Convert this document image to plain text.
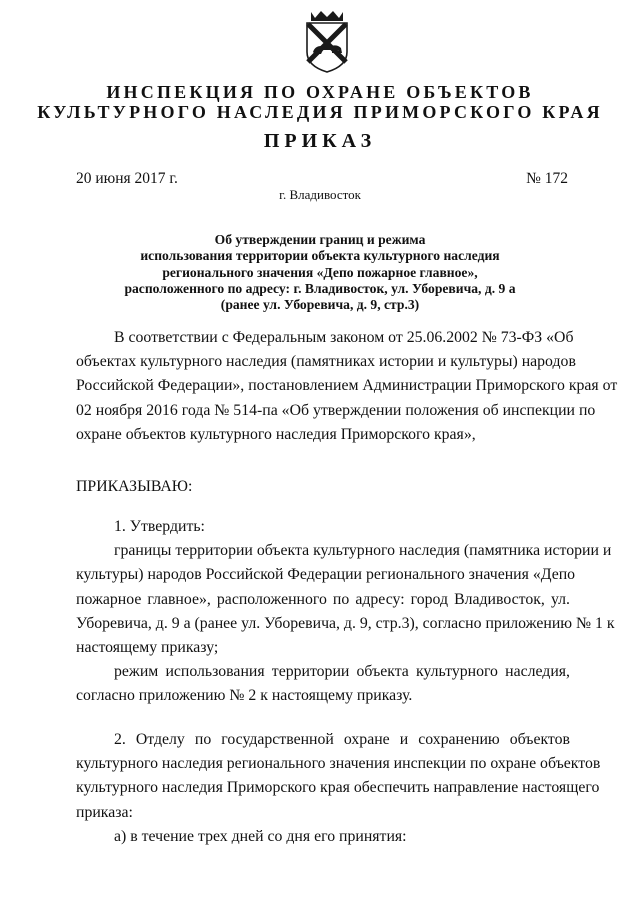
ИНСПЕКЦИЯ ПО ОХРАНЕ ОБЪЕКТОВ
КУЛЬТУРНОГО НАСЛЕДИЯ ПРИМОРСКОГО КРАЯ
ПРИКАЗ
20 июня 2017 г.	№ 172
г. Владивосток
Об утверждении границ и режима
использования территории объекта культурного наследия
регионального значения «Депо пожарное главное»,
расположенного по адресу: г. Владивосток, ул. Уборевича, д. 9 а
(ранее ул. Уборевича, д. 9, стр.3)
В соответствии с Федеральным законом от 25.06.2002 № 73-ФЗ «Об
объектах культурного наследия (памятниках истории и культуры) народов
Российской Федерации», постановлением Администрации Приморского края от
02 ноября 2016 года № 514-па «Об утверждении положения об инспекции по
охране объектов культурного наследия Приморского края»,
ПРИКАЗЫВАЮ:
1. Утвердить:
границы территории объекта культурного наследия (памятника истории и
культуры) народов Российской Федерации регионального значения «Депо
пожарное главное», расположенного по адресу: город Владивосток, ул.
Уборевича, д. 9 а (ранее ул. Уборевича, д. 9, стр.3), согласно приложению № 1 к
настоящему приказу;
режим использования территории объекта культурного наследия,
согласно приложению № 2 к настоящему приказу.
2. Отделу по государственной охране и сохранению объектов
культурного наследия регионального значения инспекции по охране объектов
культурного наследия Приморского края обеспечить направление настоящего
приказа:
а) в течение трех дней со дня его принятия:
